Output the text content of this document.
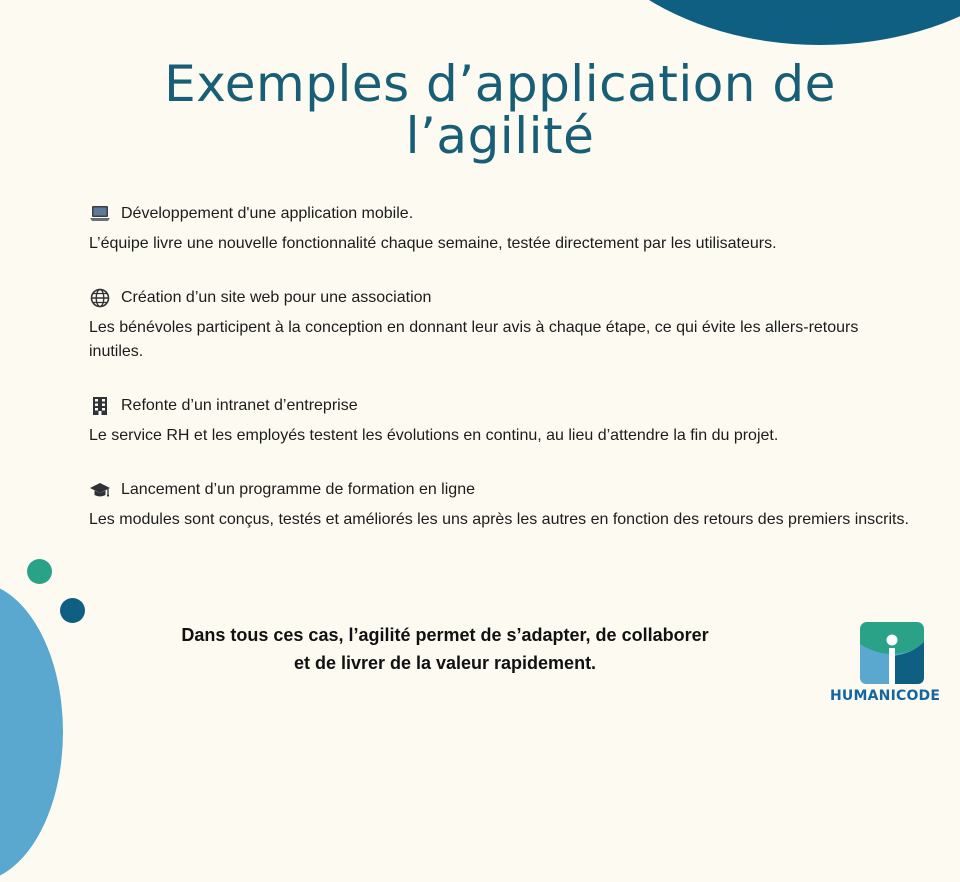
Exemples d’application de l’agilité
Développement d'une application mobile.
L’équipe livre une nouvelle fonctionnalité chaque semaine, testée directement par les utilisateurs.
Création d’un site web pour une association
Les bénévoles participent à la conception en donnant leur avis à chaque étape, ce qui évite les allers-retours inutiles.
Refonte d’un intranet d’entreprise
Le service RH et les employés testent les évolutions en continu, au lieu d’attendre la fin du projet.
Lancement d’un programme de formation en ligne
Les modules sont conçus, testés et améliorés les uns après les autres en fonction des retours des premiers inscrits.
Dans tous ces cas, l’agilité permet de s’adapter, de collaborer et de livrer de la valeur rapidement.
HUMANICODE
